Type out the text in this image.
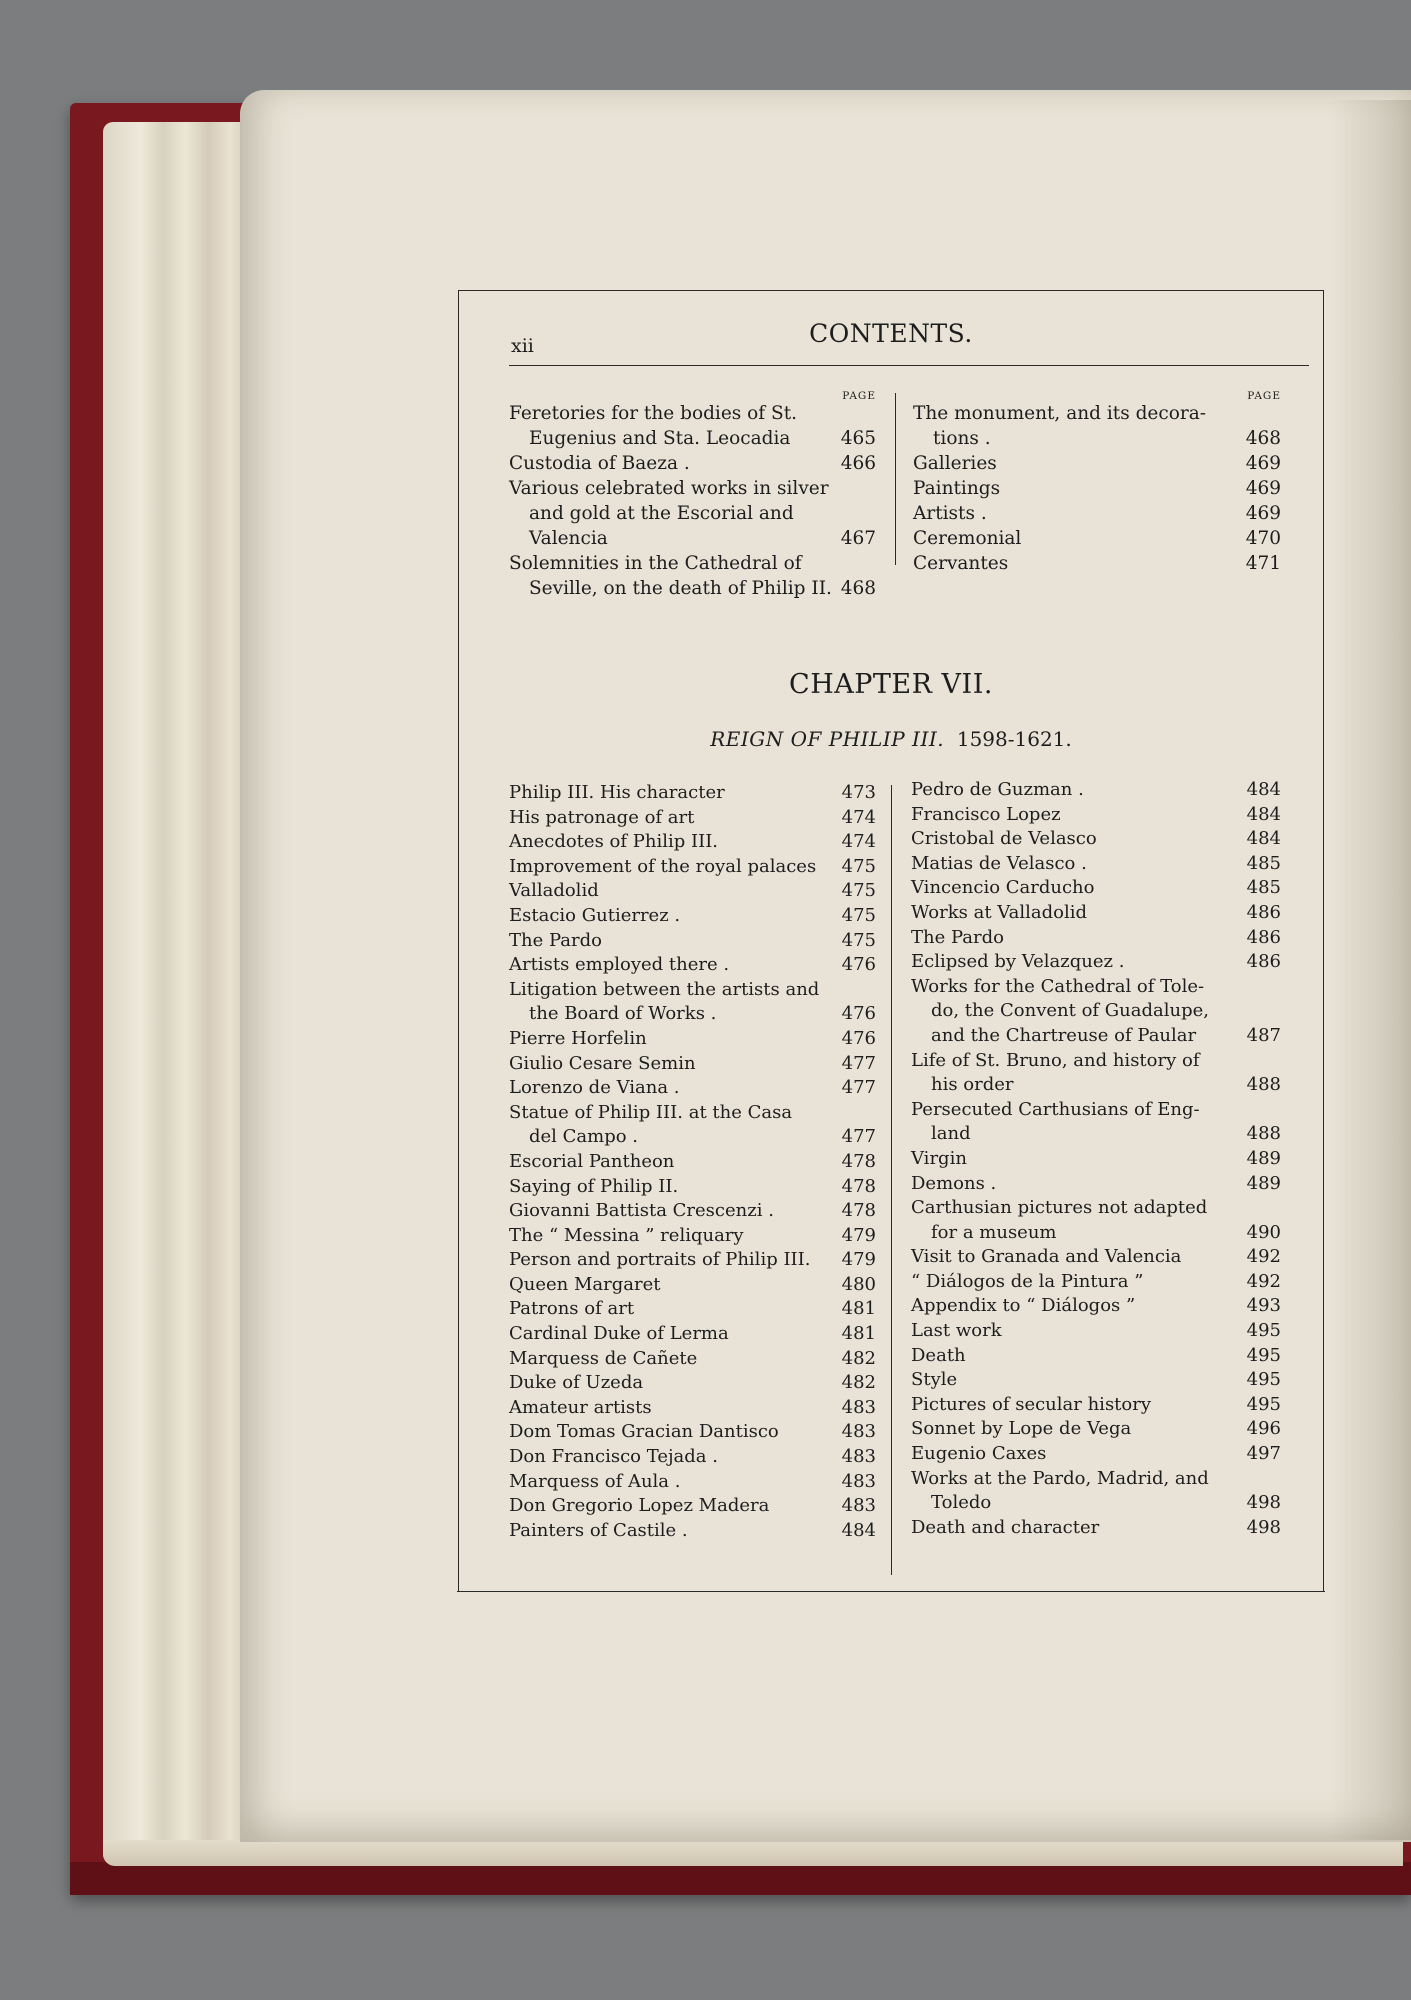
xii	CONTENTS.
PAGE
Feretories for the bodies of St.
Eugenius and Sta. Leocadia	465
Custodia of Baeza .	466
Various celebrated works in silver
and gold at the Escorial and
Valencia	467
Solemnities in the Cathedral of
Seville, on the death of Philip II. 468
PAGE
The monument, and its decora-
tions .	468
Galleries	469
Paintings	469
Artists .	469
Ceremonial	470
Cervantes	471
CHAPTER VII.
REIGN OF PHILIP III. 1598-1621.
Philip III. His character	473
His patronage of art	474
Anecdotes of Philip III.	474
Improvement of the royal palaces	475
Valladolid	475
Estacio Gutierrez .	475
The Pardo	475
Artists employed there .	476
Litigation between the artists and
the Board of Works .	476
Pierre Horfelin	476
Giulio Cesare Semin	477
Lorenzo de Viana .	477
Statue of Philip III. at the Casa
del Campo .	477
Escorial Pantheon	478
Saying of Philip II.	478
Giovanni Battista Crescenzi .	478
The “ Messina ” reliquary	479
Person and portraits of Philip III.	479
Queen Margaret	480
Patrons of art	481
Cardinal Duke of Lerma	481
Marquess de Cañete	482
Duke of Uzeda	482
Amateur artists	483
Dom Tomas Gracian Dantisco	483
Don Francisco Tejada .	483
Marquess of Aula .	483
Don Gregorio Lopez Madera	483
Painters of Castile .	484
Pedro de Guzman .	484
Francisco Lopez	484
Cristobal de Velasco	484
Matias de Velasco .	485
Vincencio Carducho	485
Works at Valladolid	486
The Pardo	486
Eclipsed by Velazquez .	486
Works for the Cathedral of Tole-
do, the Convent of Guadalupe,
and the Chartreuse of Paular	487
Life of St. Bruno, and history of
his order	488
Persecuted Carthusians of Eng-
land	488
Virgin	489
Demons .	489
Carthusian pictures not adapted
for a museum	490
Visit to Granada and Valencia	492
“ Diálogos de la Pintura ”	492
Appendix to “ Diálogos ”	493
Last work	495
Death	495
Style	495
Pictures of secular history	495
Sonnet by Lope de Vega	496
Eugenio Caxes	497
Works at the Pardo, Madrid, and
Toledo	498
Death and character	498
